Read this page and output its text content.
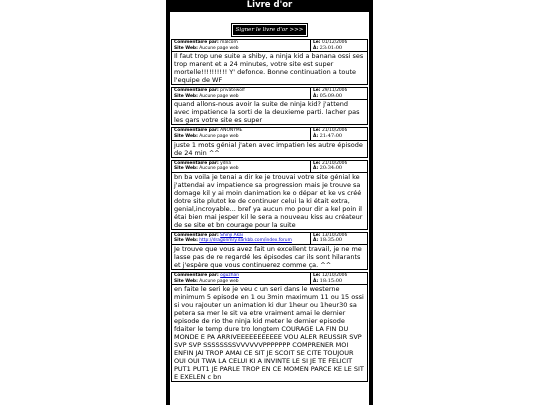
Livre d'or
Signer le livre d'or >>>
Commentaire par: malcom
Site Web: Aucune page web
Le: 01/12/2006
À: 23:01:00
Il faut trop une suite a shiby, a ninja kid a banana ossi ses trop marent et a 24 minutes, votre site est super mortelle!!!!!!!!!! Y' defonce. Bonne continuation a toute l'equipe de WF
Commentaire par: privatewolf
Site Web: Aucune page web
Le: 29/11/2006
À: 05:09:00
quand allons-nous avoir la suite de ninja kid? j'attend avec impatience la sorti de la deuxieme parti. lacher pas les gars votre site es super
Commentaire par: ANONYME
Site Web: Aucune page web
Le: 21/10/2006
À: 21:47:00
juste 1 mots génial j'aten avec impatien les autre épisode de 24 min ^^
Commentaire par: ydna
Site Web: Aucune page web
Le: 21/10/2006
À: 20:34:00
bn ba voila je tenai a dir ke je trouvai votre site génial ke j'attendai av impatience sa progression mais je trouve sa domage kil y ai moin danimation ke o dépar et ke vs créé dotre site plutot ke de continuer celui la ki était extra, genial,incroyable... bref ya aucun mo pour dir a kel poin il étai bien mai jesper kil le sera a nouveau kiss au créateur de se site et bn courage pour la suite
Commentaire par: Shinji Akai
Site Web: http://dragonmry.darkbb.com/index.forum
Le: 13/10/2006
À: 18:35:00
Je trouve que vous avez fait un excellent travail, je ne me lasse pas de re regardé les épisodes car ils sont hilarants et j'espère que vous continuerez comme ça. ^^
Commentaire par: oguzhan
Site Web: Aucune page web
Le: 12/10/2006
À: 18:15:00
en faite le seri ke je veu c un seri dans le westerne minimum 5 episode en 1 ou 3min maximum 11 ou 15 ossi si vou rajouter un animation ki dur 1heur ou 1heur30 sa petera sa mer le sit va etre vraiment amai le dernier episode de rio the ninja kid meter le dernier episode fdaiter le temp dure tro longtem COURAGE LA FIN DU MONDE E PA ARRIVEEEEEEEEEEE VOU ALER REUSSIR SVP SVP SVP SSSSSSSSVVVVVVPPPPPPP COMPRENER MOI ENFIN JAI TROP AMAI CE SIT JE SCOIT SE CITE TOUJOUR OUI OUI TWA LA CELUI KI A INVINTE LE SI JE TE FELICIT PUT1 PUT1 JE PARLE TROP EN CE MOMEN PARCE KE LE SIT E EXELEN c bn
